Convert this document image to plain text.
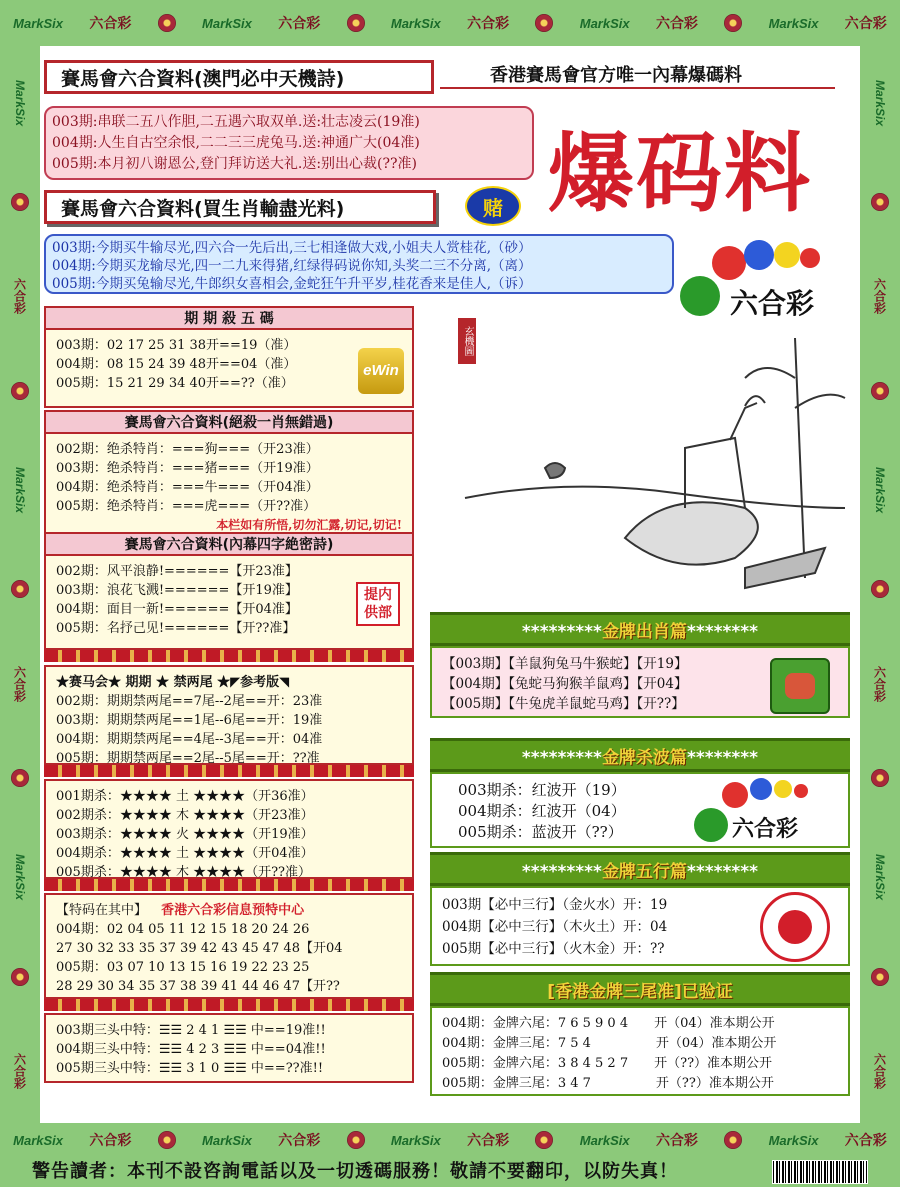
MarkSix 六合彩	MarkSix 六合彩	MarkSix 六合彩	MarkSix 六合彩	MarkSix 六合彩
MarkSix
六合彩
MarkSix
六合彩
MarkSix
六合彩
MarkSix
六合彩
MarkSix
六合彩
MarkSix
六合彩
MarkSix 六合彩	MarkSix 六合彩	MarkSix 六合彩	MarkSix 六合彩	MarkSix 六合彩
賽馬會六合資料(澳門必中天機詩)	香港賽馬會官方唯一內幕爆碼料
003期:串联二五八作胆,二五遇六取双单.送:壮志凌云(19准)
004期:人生自古空余恨,二二三三虎兔马.送:神通广大(04准)
005期:本月初八谢恩公,登门拜访送大礼.送:别出心裁(??准)	爆码料
賽馬會六合資料(買生肖輸盡光料)	赌
003期:今期买牛输尽光,四六合一先后出,三七相逢做大戏,小姐夫人赏桂花,（砂）
004期:今期买龙输尽光,四一二九来得猪,红绿得码说你知,头奖二三不分离,（离）
005期:今期买兔输尽光,牛郎织女喜相会,金蛇狂午升平岁,桂花香来是佳人,（诉）
六合彩
期 期 殺 五 碼
003期：02 17 25 31 38开==19（准）
004期：08 15 24 39 48开==04（准）
005期：15 21 29 34 40开==??（准）
eWin
賽馬會六合資料(絕殺一肖無錯過)
002期：绝杀特肖：===狗===（开23准）
003期：绝杀特肖：===猪===（开19准）
004期：绝杀特肖：===牛===（开04准）
005期：绝杀特肖：===虎===（开??准）
本栏如有所悟,切勿汇露,切记,切记!
賽馬會六合資料(內幕四字絶密詩)
002期：风平浪静!======【开23准】
003期：浪花飞溅!======【开19准】
004期：面目一新!======【开04准】
005期：名抒己见!======【开??准】
提内供部
★赛马会★ 期期 ★ 禁两尾 ★◤参考版◥
002期：期期禁两尾==7尾--2尾==开：23准
003期：期期禁两尾==1尾--6尾==开：19准
004期：期期禁两尾==4尾--3尾==开：04准
005期：期期禁两尾==2尾--5尾==开：??准
001期杀：★★★★ 土 ★★★★（开36准）
002期杀：★★★★ 木 ★★★★（开23准）
003期杀：★★★★ 火 ★★★★（开19准）
004期杀：★★★★ 土 ★★★★（开04准）
005期杀：★★★★ 木 ★★★★（开??准）
【特码在其中】 香港六合彩信息预特中心
004期：02 04 05 11 12 15 18 20 24 26
27 30 32 33 35 37 39 42 43 45 47 48【开04
005期：03 07 10 13 15 16 19 22 23 25
28 29 30 34 35 37 38 39 41 44 46 47【开??
003期三头中特：☰☰ 2 4 1 ☰☰ 中==19准!!
004期三头中特：☰☰ 4 2 3 ☰☰ 中==04准!!
005期三头中特：☰☰ 3 1 0 ☰☰ 中==??准!!
玄機圖
*********金牌出肖篇********
【003期】【羊鼠狗兔马牛猴蛇】【开19】
【004期】【兔蛇马狗猴羊鼠鸡】【开04】
【005期】【牛兔虎羊鼠蛇马鸡】【开??】
*********金牌杀波篇********
003期杀：红波开（19）
004期杀：红波开（04）
005期杀：蓝波开（??）	六合彩
*********金牌五行篇********
003期【必中三行】（金火水）开：19
004期【必中三行】（木火土）开：04
005期【必中三行】（火木金）开：??
[香港金牌三尾准]已验证
004期：金牌六尾：7 6 5 9 0 4　　开（04）准本期公开
004期：金牌三尾：7 5 4　　　　　开（04）准本期公开
005期：金牌六尾：3 8 4 5 2 7　　开（??）准本期公开
005期：金牌三尾：3 4 7　　　　　开（??）准本期公开
警告讀者：本刊不設咨詢電話以及一切透碼服務！敬請不要翻印，以防失真！
